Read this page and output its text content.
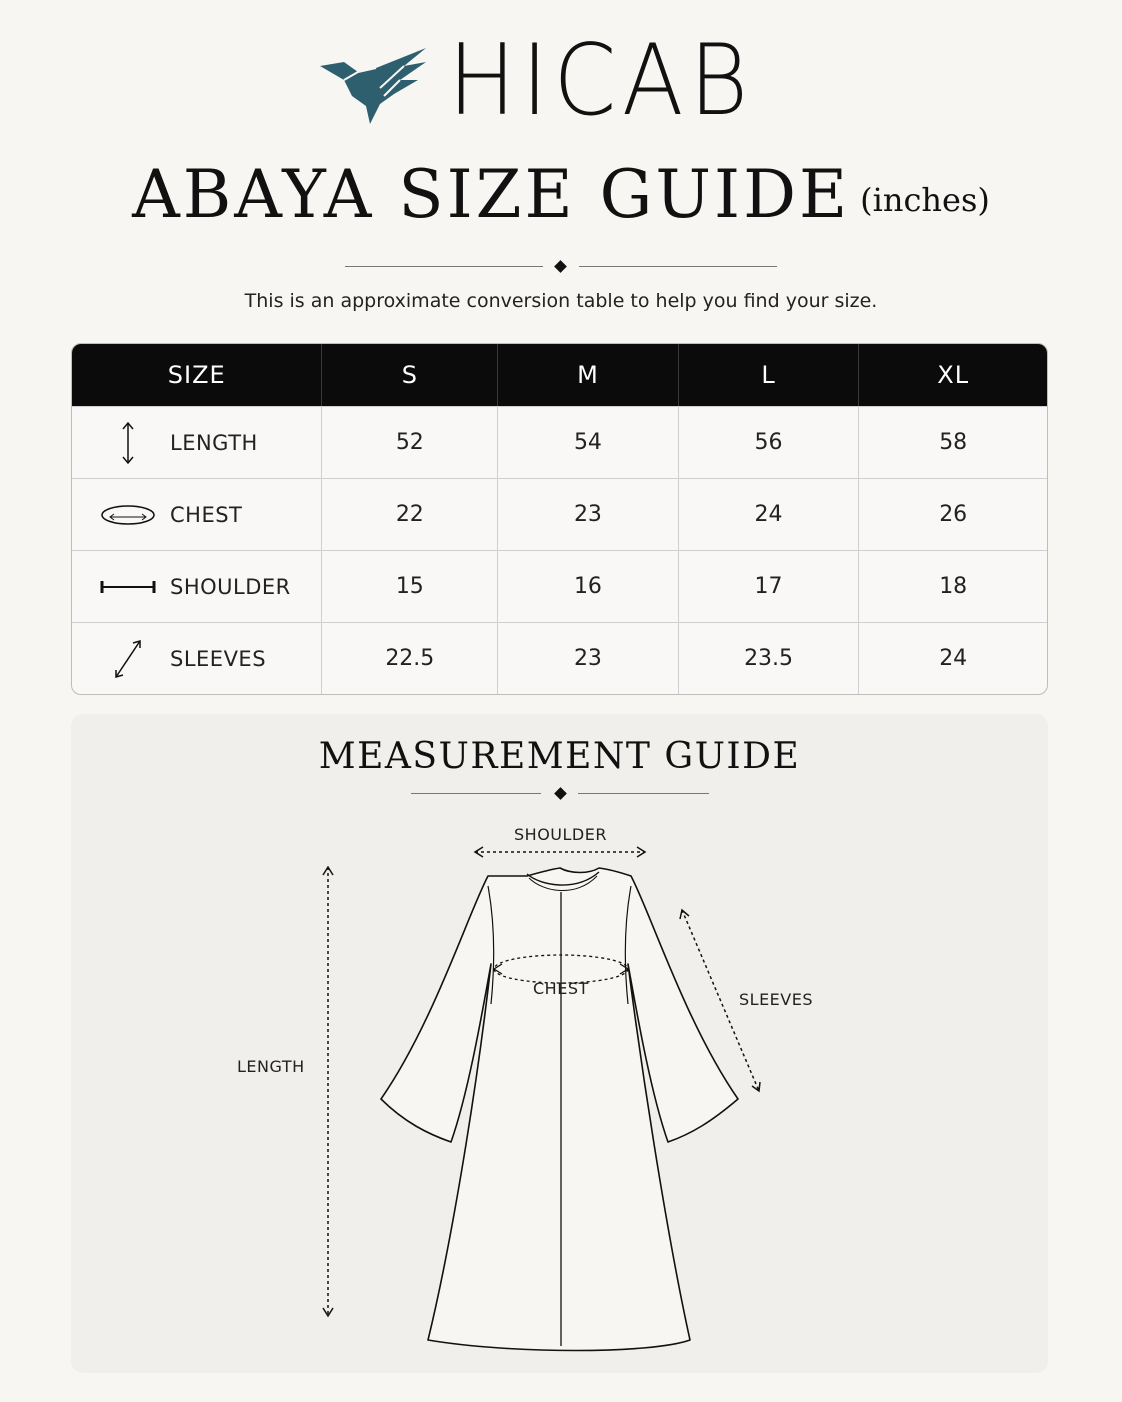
HICAB
ABAYA SIZE GUIDE (inches)
This is an approximate conversion table to help you find your size.
SIZE	S	M	L	XL

LENGTH	52	54	56	58

CHEST	22	23	24	26

SHOULDER	15	16	17	18

SLEEVES	22.5	23	23.5	24
MEASUREMENT GUIDE
SHOULDER
CHEST
SLEEVES
LENGTH
